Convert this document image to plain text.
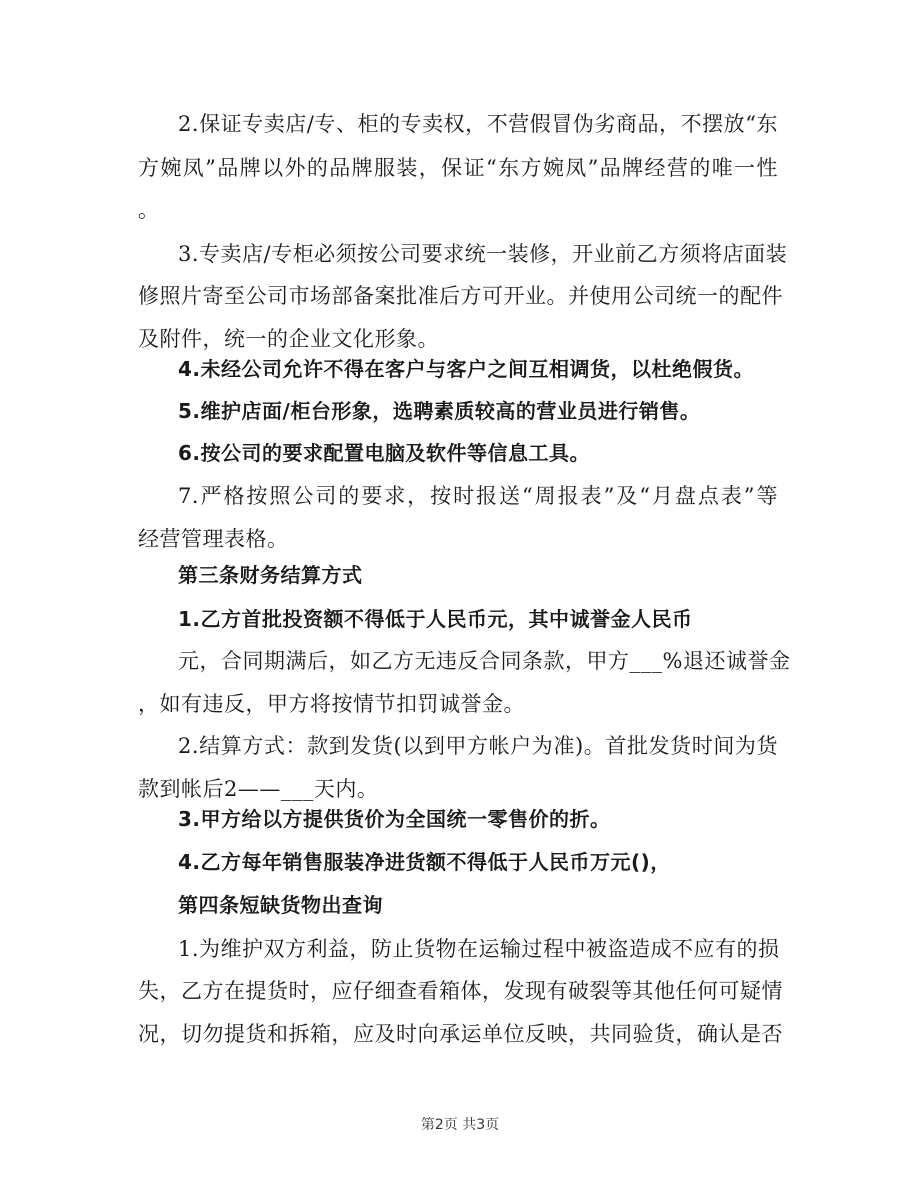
2.保证专卖店/专、柜的专卖权，不营假冒伪劣商品，不摆放“东
方婉凤”品牌以外的品牌服装，保证“东方婉凤”品牌经营的唯一性
。
3.专卖店/专柜必须按公司要求统一装修，开业前乙方须将店面装
修照片寄至公司市场部备案批准后方可开业。并使用公司统一的配件
及附件，统一的企业文化形象。
4.未经公司允许不得在客户与客户之间互相调货，以杜绝假货。
5.维护店面/柜台形象，选聘素质较高的营业员进行销售。
6.按公司的要求配置电脑及软件等信息工具。
7.严格按照公司的要求，按时报送“周报表”及“月盘点表”等
经营管理表格。
第三条财务结算方式
1.乙方首批投资额不得低于人民币元，其中诚誉金人民币
元，合同期满后，如乙方无违反合同条款，甲方___%退还诚誉金
，如有违反，甲方将按情节扣罚诚誉金。
2.结算方式：款到发货(以到甲方帐户为准)。首批发货时间为货
款到帐后2——___天内。
3.甲方给以方提供货价为全国统一零售价的折。
4.乙方每年销售服装净进货额不得低于人民币万元()，
第四条短缺货物出查询
1.为维护双方利益，防止货物在运输过程中被盗造成不应有的损
失，乙方在提货时，应仔细查看箱体，发现有破裂等其他任何可疑情
况，切勿提货和拆箱，应及时向承运单位反映，共同验货，确认是否
第2页 共3页
